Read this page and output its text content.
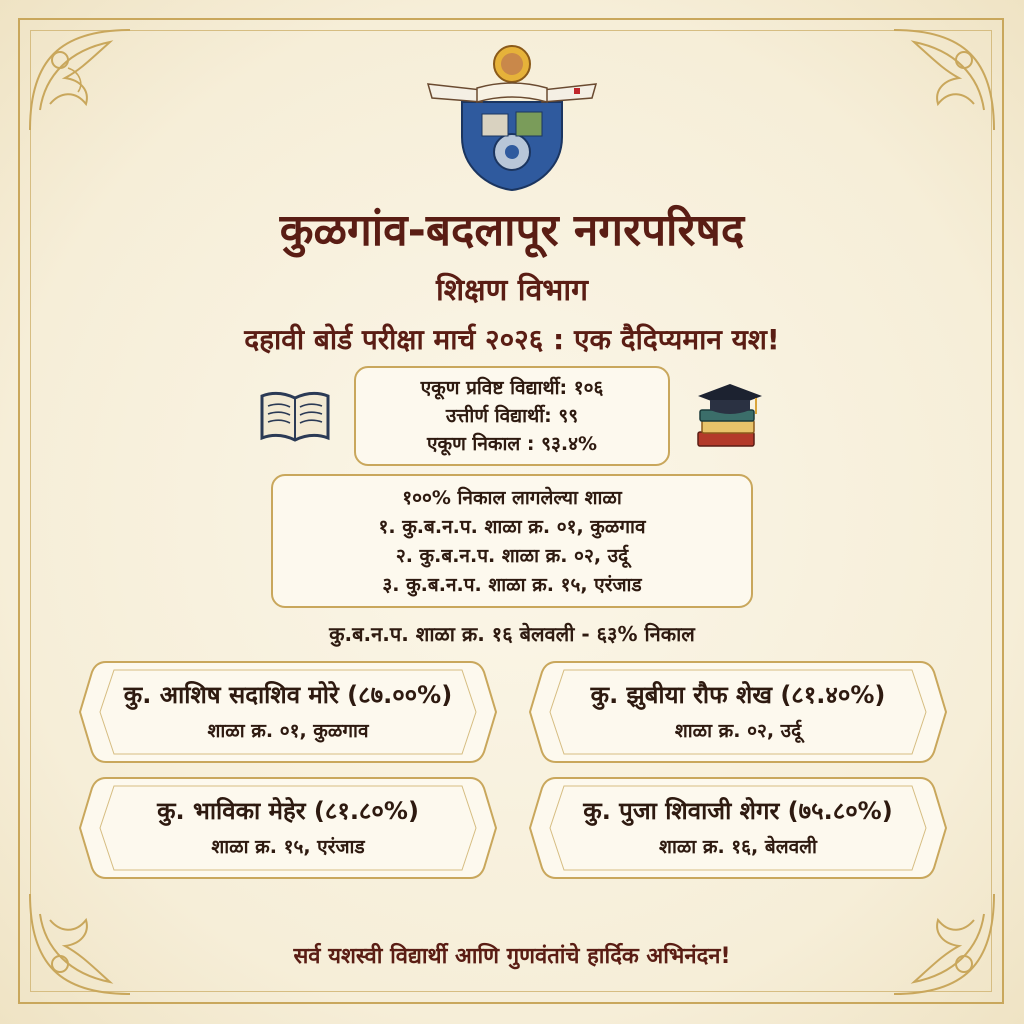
कुळगांव-बदलापूर नगरपरिषद
शिक्षण विभाग
दहावी बोर्ड परीक्षा मार्च २०२६ : एक दैदिप्यमान यश!
एकूण प्रविष्ट विद्यार्थी: १०६
उत्तीर्ण विद्यार्थी: ९९
एकूण निकाल : ९३.४%
१००% निकाल लागलेल्या शाळा
१. कु.ब.न.प. शाळा क्र. ०१, कुळगाव
२. कु.ब.न.प. शाळा क्र. ०२, उर्दू
३. कु.ब.न.प. शाळा क्र. १५, एरंजाड
कु.ब.न.प. शाळा क्र. १६ बेलवली - ६३% निकाल
कु. आशिष सदाशिव मोरे (८७.००%)
शाळा क्र. ०१, कुळगाव
कु. झुबीया रौफ शेख (८१.४०%)
शाळा क्र. ०२, उर्दू
कु. भाविका मेहेर (८१.८०%)
शाळा क्र. १५, एरंजाड
कु. पुजा शिवाजी शेगर (७५.८०%)
शाळा क्र. १६, बेलवली
सर्व यशस्वी विद्यार्थी आणि गुणवंतांचे हार्दिक अभिनंदन!
